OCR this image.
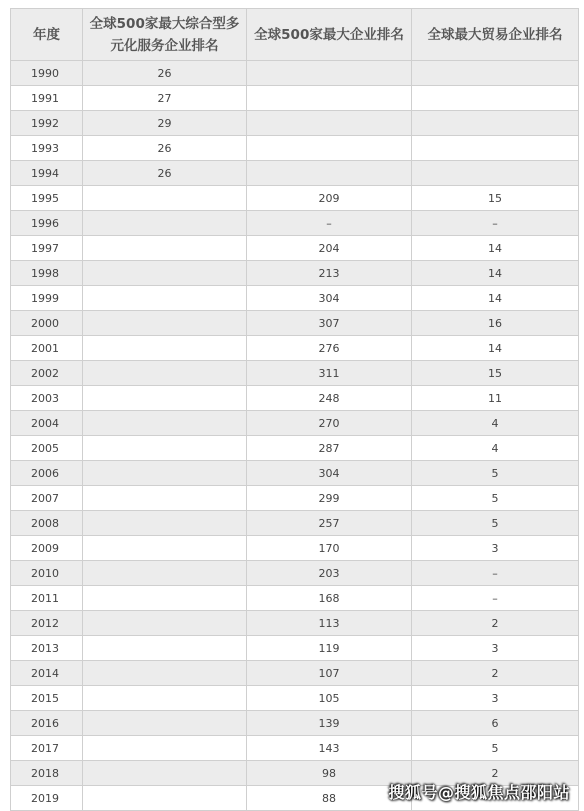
年度	全球500家最大综合型多元化服务企业排名	全球500家最大企业排名	全球最大贸易企业排名
1990	26		
1991	27		
1992	29		
1993	26		
1994	26		
1995		209	15
1996		–	–
1997		204	14
1998		213	14
1999		304	14
2000		307	16
2001		276	14
2002		311	15
2003		248	11
2004		270	4
2005		287	4
2006		304	5
2007		299	5
2008		257	5
2009		170	3
2010		203	–
2011		168	–
2012		113	2
2013		119	3
2014		107	2
2015		105	3
2016		139	6
2017		143	5
2018		98	2
2019		88		搜狐号@搜狐焦点邵阳站
